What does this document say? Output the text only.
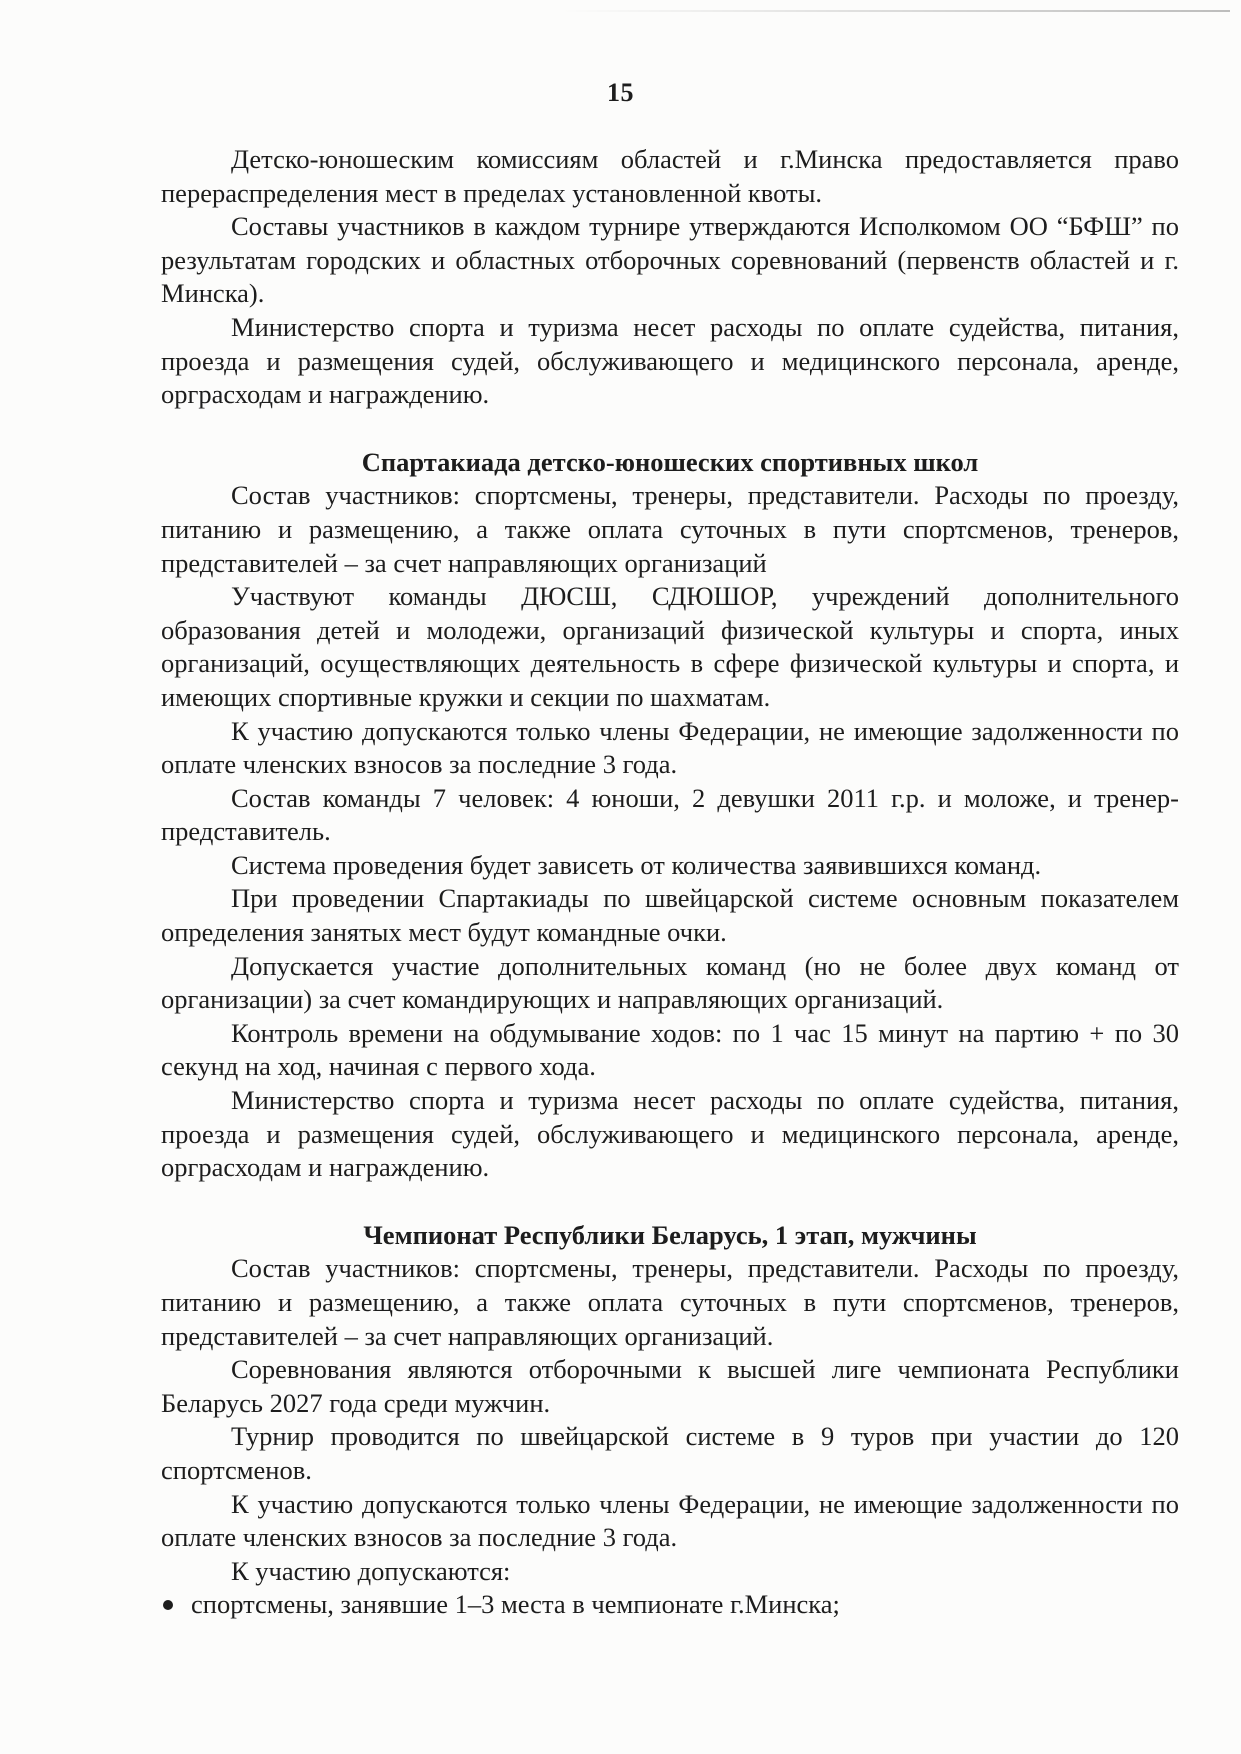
15

Детско-юношеским комиссиям областей и г.Минска предоставляется право перераспределения мест в пределах установленной квоты.

Составы участников в каждом турнире утверждаются Исполкомом ОО “БФШ” по результатам городских и областных отборочных соревнований (первенств областей и г. Минска).

Министерство спорта и туризма несет расходы по оплате судейства, питания, проезда и размещения судей, обслуживающего и медицинского персонала, аренде, орграсходам и награждению.

Спартакиада детско-юношеских спортивных школ

Состав участников: спортсмены, тренеры, представители. Расходы по проезду, питанию и размещению, а также оплата суточных в пути спортсменов, тренеров, представителей – за счет направляющих организаций

Участвуют команды ДЮСШ, СДЮШОР, учреждений дополнительного образования детей и молодежи, организаций физической культуры и спорта, иных организаций, осуществляющих деятельность в сфере физической культуры и спорта, и имеющих спортивные кружки и секции по шахматам.

К участию допускаются только члены Федерации, не имеющие задолженности по оплате членских взносов за последние 3 года.

Состав команды 7 человек: 4 юноши, 2 девушки 2011 г.р. и моложе, и тренер-представитель.

Система проведения будет зависеть от количества заявившихся команд.

При проведении Спартакиады по швейцарской системе основным показателем определения занятых мест будут командные очки.

Допускается участие дополнительных команд (но не более двух команд от организации) за счет командирующих и направляющих организаций.

Контроль времени на обдумывание ходов: по 1 час 15 минут на партию + по 30 секунд на ход, начиная с первого хода.

Министерство спорта и туризма несет расходы по оплате судейства, питания, проезда и размещения судей, обслуживающего и медицинского персонала, аренде, орграсходам и награждению.

Чемпионат Республики Беларусь, 1 этап, мужчины

Состав участников: спортсмены, тренеры, представители. Расходы по проезду, питанию и размещению, а также оплата суточных в пути спортсменов, тренеров, представителей – за счет направляющих организаций.

Соревнования являются отборочными к высшей лиге чемпионата Республики Беларусь 2027 года среди мужчин.

Турнир проводится по швейцарской системе в 9 туров при участии до 120 спортсменов.

К участию допускаются только члены Федерации, не имеющие задолженности по оплате членских взносов за последние 3 года.

К участию допускаются:

спортсмены, занявшие 1–3 места в чемпионате г.Минска;
